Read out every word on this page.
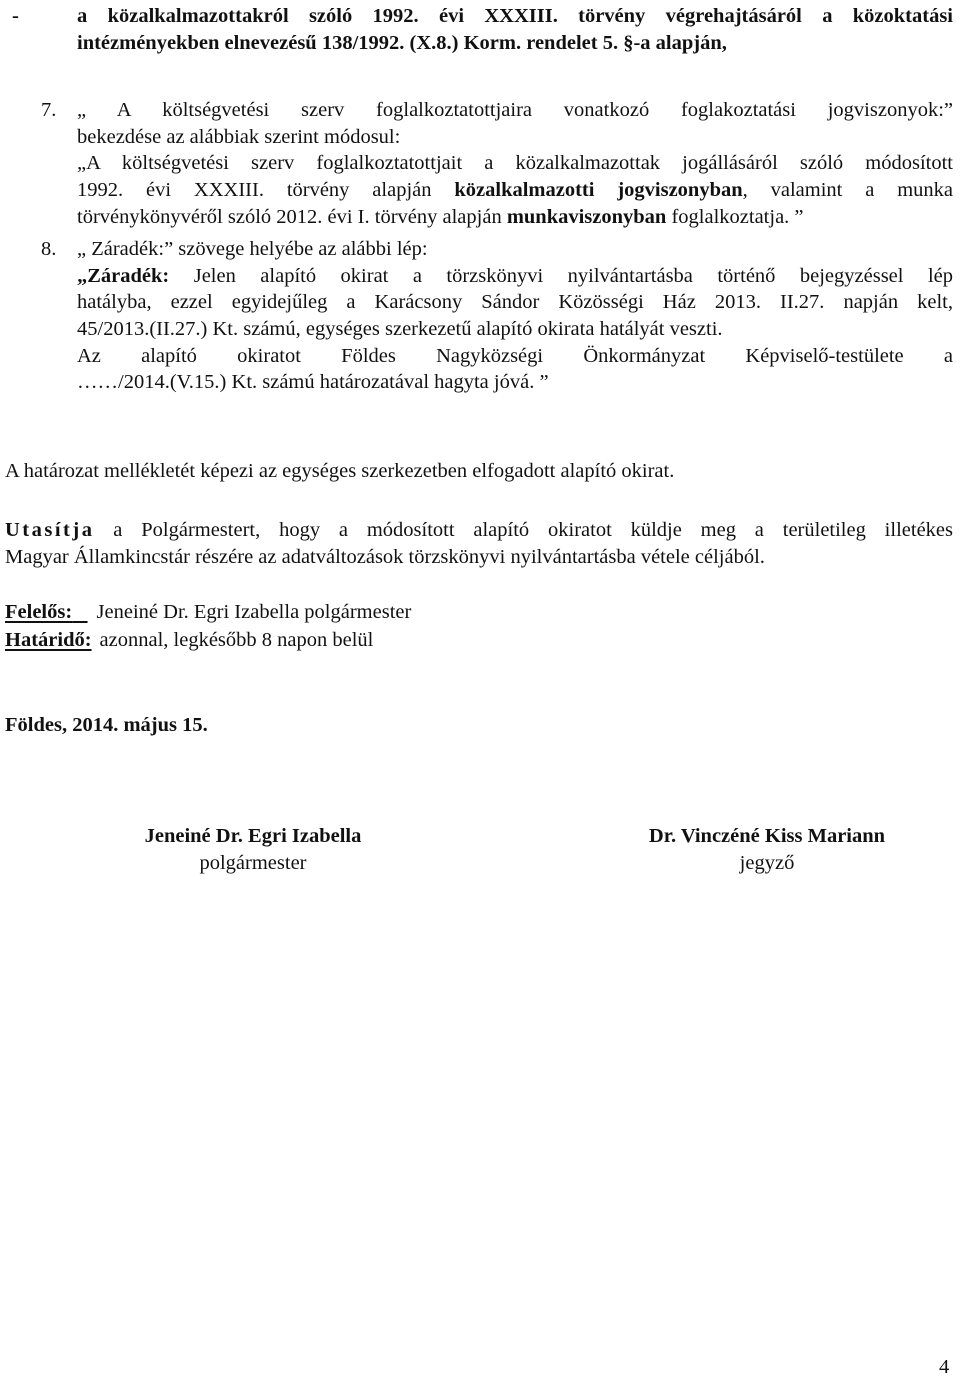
-	a közalkalmazottakról szóló 1992. évi XXXIII. törvény végrehajtásáról a közoktatási
intézményekben elnevezésű 138/1992. (X.8.) Korm. rendelet 5. §-a alapján,
7. „ A költségvetési szerv foglalkoztatottjaira vonatkozó foglakoztatási jogviszonyok:”
bekezdése az alábbiak szerint módosul:
„A költségvetési szerv foglalkoztatottjait a közalkalmazottak jogállásáról szóló módosított
1992. évi XXXIII. törvény alapján közalkalmazotti jogviszonyban, valamint a munka
törvénykönyvéről szóló 2012. évi I. törvény alapján munkaviszonyban foglalkoztatja. ”
8. „ Záradék:” szövege helyébe az alábbi lép:
„Záradék: Jelen alapító okirat a törzskönyvi nyilvántartásba történő bejegyzéssel lép
hatályba, ezzel egyidejűleg a Karácsony Sándor Közösségi Ház 2013. II.27. napján kelt,
45/2013.(II.27.) Kt. számú, egységes szerkezetű alapító okirata hatályát veszti.
Az alapító okiratot Földes Nagyközségi Önkormányzat Képviselő-testülete a
……/2014.(V.15.) Kt. számú határozatával hagyta jóvá. ”
A határozat mellékletét képezi az egységes szerkezetben elfogadott alapító okirat.
Utasítja a Polgármestert, hogy a módosított alapító okiratot küldje meg a területileg illetékes
Magyar Államkincstár részére az adatváltozások törzskönyvi nyilvántartásba vétele céljából.
Felelős: Jeneiné Dr. Egri Izabella polgármester
Határidő: azonnal, legkésőbb 8 napon belül
Földes, 2014. május 15.
Jeneiné Dr. Egri Izabella
polgármester
Dr. Vinczéné Kiss Mariann
jegyző
4
